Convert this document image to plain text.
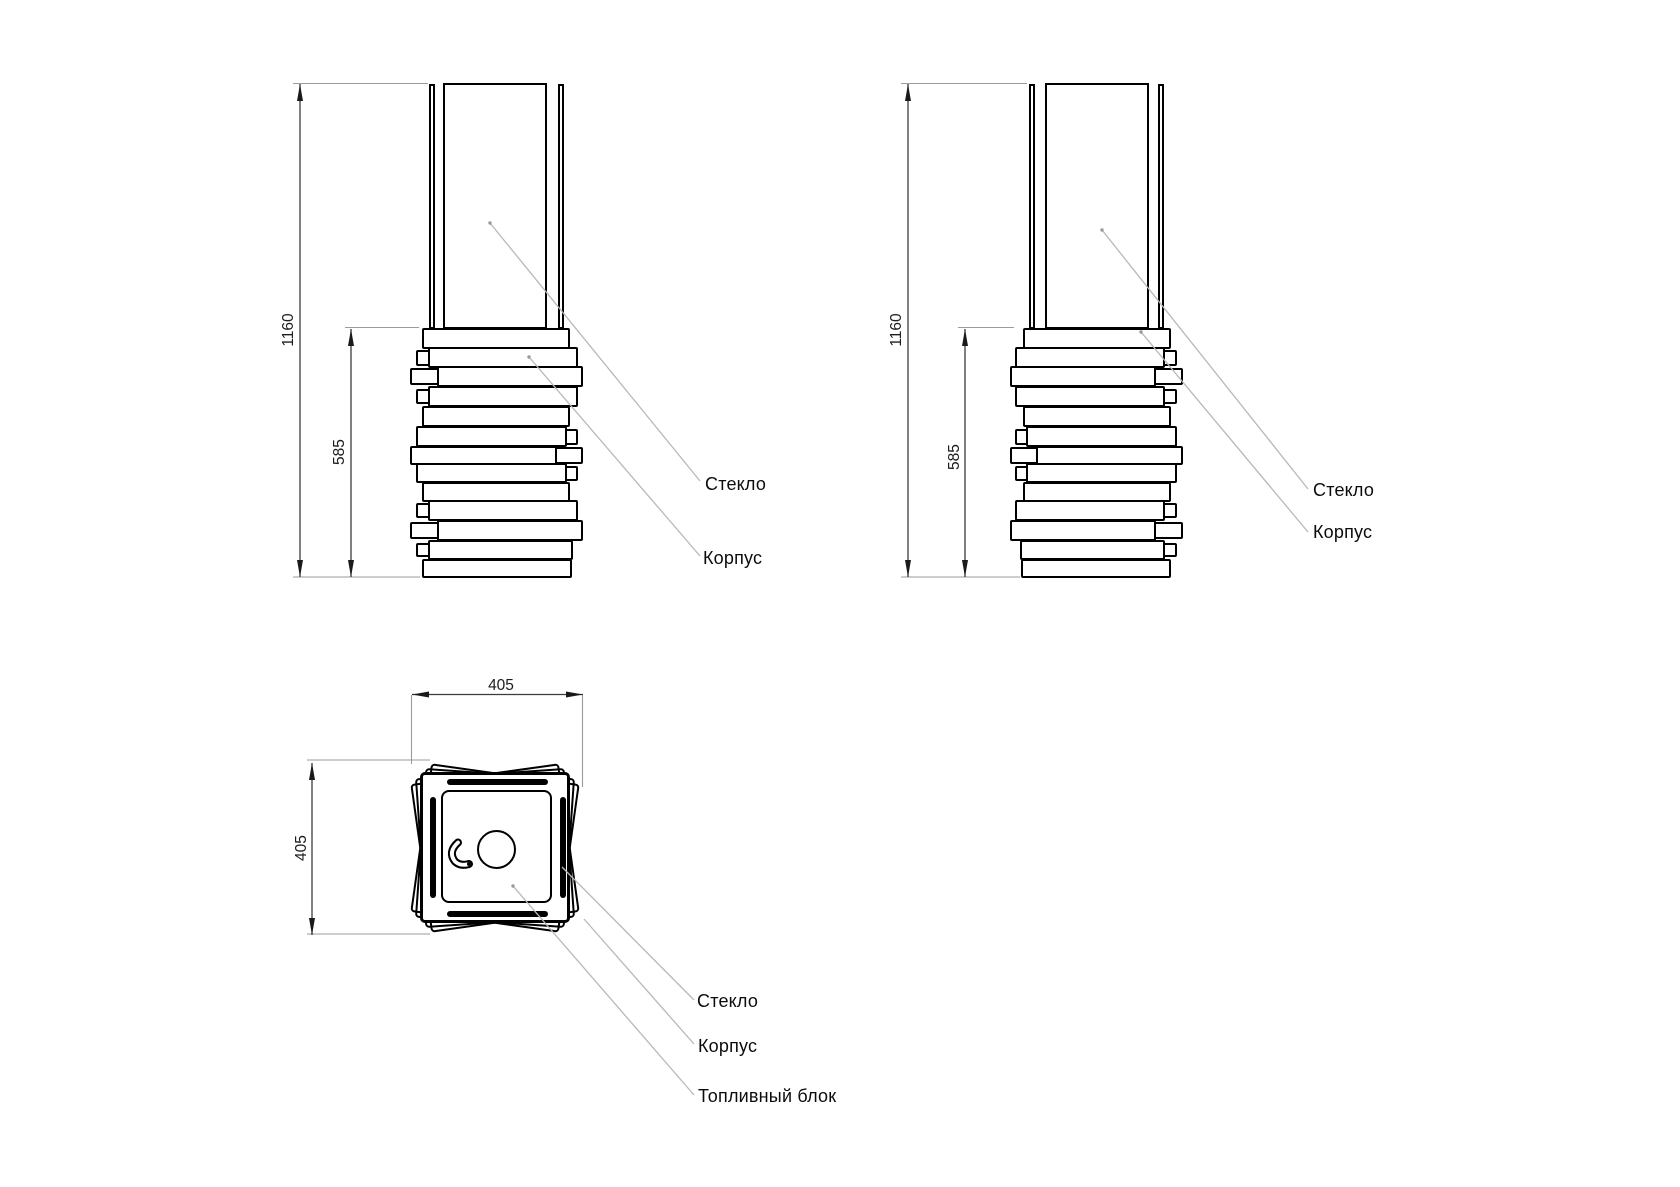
1160
585
Стекло
Корпус
1160
585
Стекло
Корпус
405
405
Стекло
Корпус
Топливный блок
